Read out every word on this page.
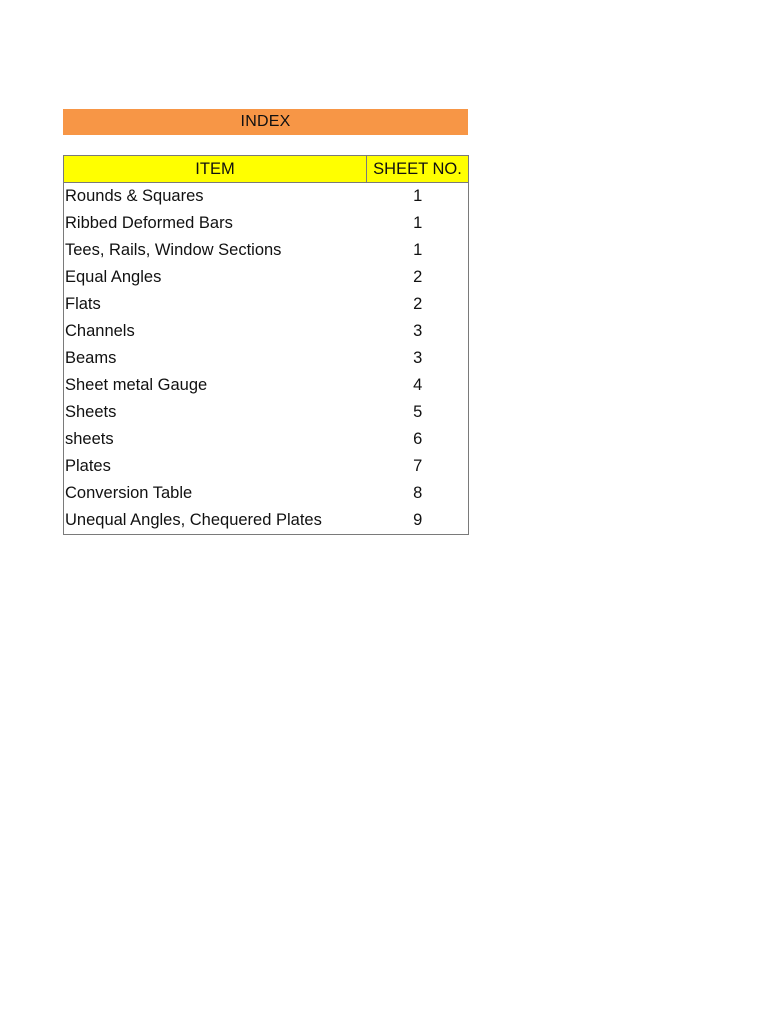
INDEX
ITEM	SHEET NO.
Rounds & Squares	1
Ribbed Deformed Bars	1
Tees, Rails, Window Sections	1
Equal Angles	2
Flats	2
Channels	3
Beams	3
Sheet metal Gauge	4
Sheets	5
sheets	6
Plates	7
Conversion Table	8
Unequal Angles, Chequered Plates	9
